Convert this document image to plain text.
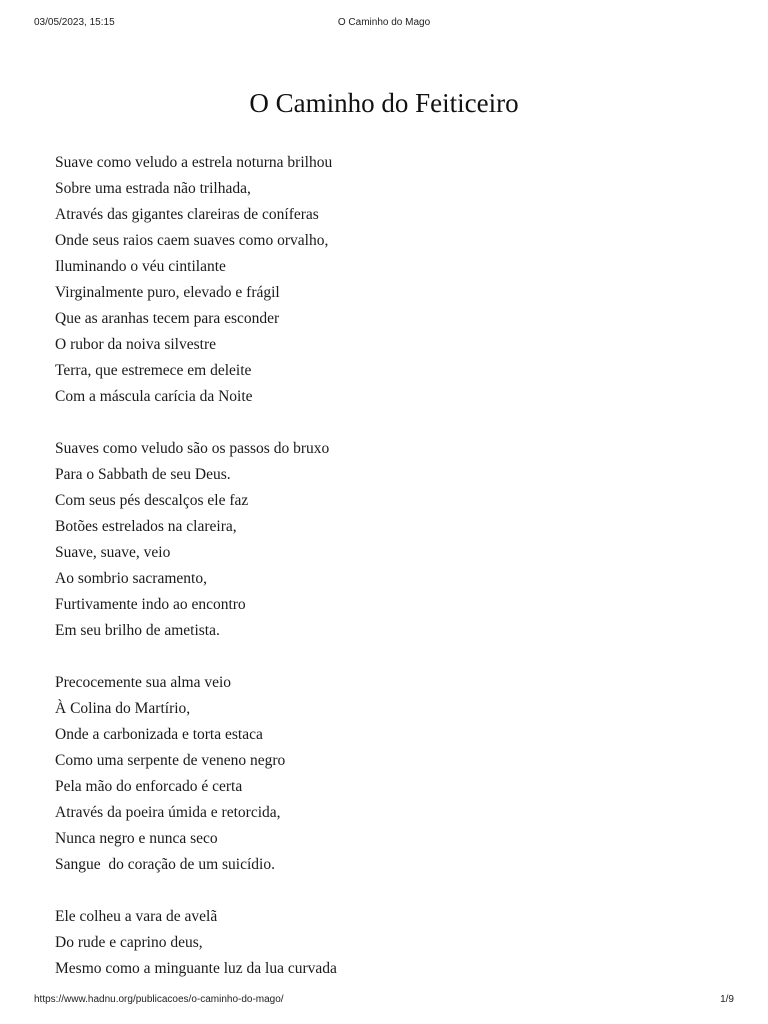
03/05/2023, 15:15	O Caminho do Mago
O Caminho do Feiticeiro
Suave como veludo a estrela noturna brilhou
Sobre uma estrada não trilhada,
Através das gigantes clareiras de coníferas
Onde seus raios caem suaves como orvalho,
Iluminando o véu cintilante
Virginalmente puro, elevado e frágil
Que as aranhas tecem para esconder
O rubor da noiva silvestre
Terra, que estremece em deleite
Com a máscula carícia da Noite
Suaves como veludo são os passos do bruxo
Para o Sabbath de seu Deus.
Com seus pés descalços ele faz
Botões estrelados na clareira,
Suave, suave, veio
Ao sombrio sacramento,
Furtivamente indo ao encontro
Em seu brilho de ametista.
Precocemente sua alma veio
À Colina do Martírio,
Onde a carbonizada e torta estaca
Como uma serpente de veneno negro
Pela mão do enforcado é certa
Através da poeira úmida e retorcida,
Nunca negro e nunca seco
Sangue  do coração de um suicídio.
Ele colheu a vara de avelã
Do rude e caprino deus,
Mesmo como a minguante luz da lua curvada
https://www.hadnu.org/publicacoes/o-caminho-do-mago/	1/9
